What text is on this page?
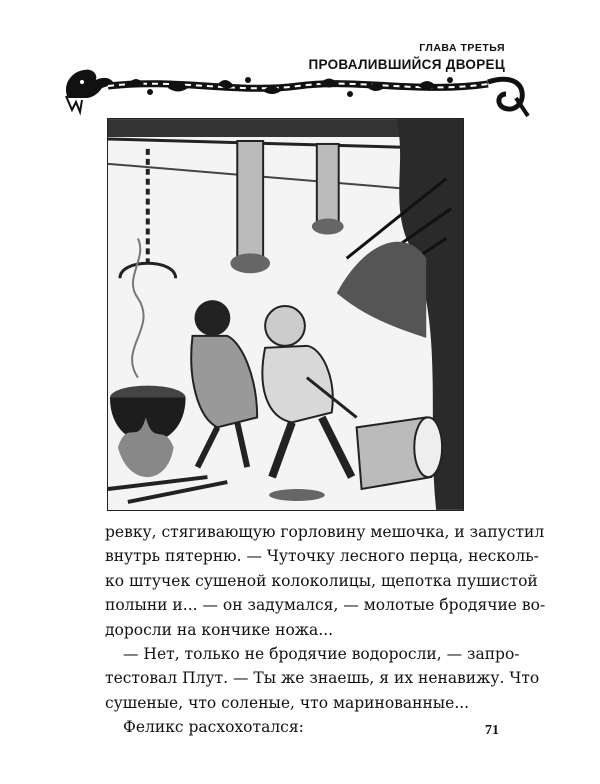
ГЛАВА ТРЕТЬЯ
ПРОВАЛИВШИЙСЯ ДВОРЕЦ
ревку, стягивающую горловину мешочка, и запустил
внутрь пятерню. — Чуточку лесного перца, несколь-
ко штучек сушеной колоколицы, щепотка пушистой
полыни и... — он задумался, — молотые бродячие во-
доросли на кончике ножа...
— Нет, только не бродячие водоросли, — запро-
тестовал Плут. — Ты же знаешь, я их ненавижу. Что
сушеные, что соленые, что маринованные...
Феликс расхохотался:	71
